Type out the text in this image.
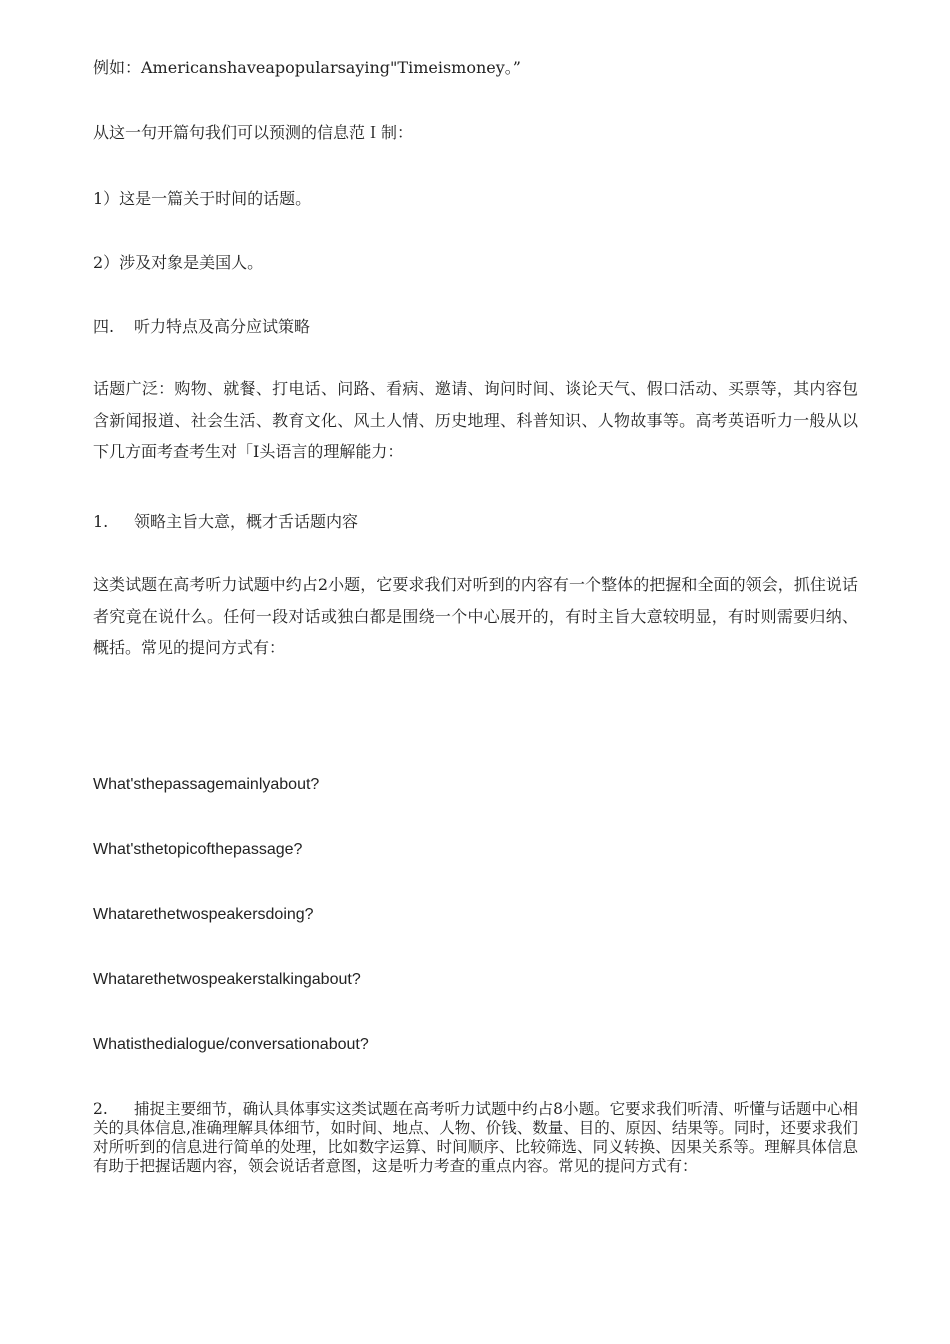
例如：Americanshaveapopularsaying"Timeismoney。”

从这一句开篇句我们可以预测的信息范Ｉ制：

1）这是一篇关于时间的话题。

2）涉及对象是美国人。

四. 听力特点及高分应试策略

话题广泛：购物、就餐、打电话、问路、看病、邀请、询问时间、谈论天气、假口活动、买票等，其内容包含新闻报道、社会生活、教育文化、风土人情、历史地理、科普知识、人物故事等。高考英语听力一般从以下几方面考查考生对「I头语言的理解能力：

1. 领略主旨大意，概才舌话题内容

这类试题在高考听力试题中约占2小题，它要求我们对听到的内容有一个整体的把握和全面的领会，抓住说话者究竟在说什么。任何一段对话或独白都是围绕一个中心展开的，有时主旨大意较明显，有时则需要归纳、概括。常见的提问方式有：

What'sthepassagemainlyabout?

What'sthetopicofthepassage?

Whatarethetwospeakersdoing?

Whatarethetwospeakerstalkingabout?

Whatisthedialogue/conversationabout?

2. 捕捉主要细节，确认具体事实这类试题在高考听力试题中约占8小题。它要求我们听清、听懂与话题中心相关的具体信息,准确理解具体细节，如时间、地点、人物、价钱、数量、目的、原因、结果等。同时，还要求我们对所听到的信息进行简单的处理，比如数字运算、时间顺序、比较筛选、同义转换、因果关系等。理解具体信息有助于把握话题内容，领会说话者意图，这是听力考查的重点内容。常见的提问方式有：
